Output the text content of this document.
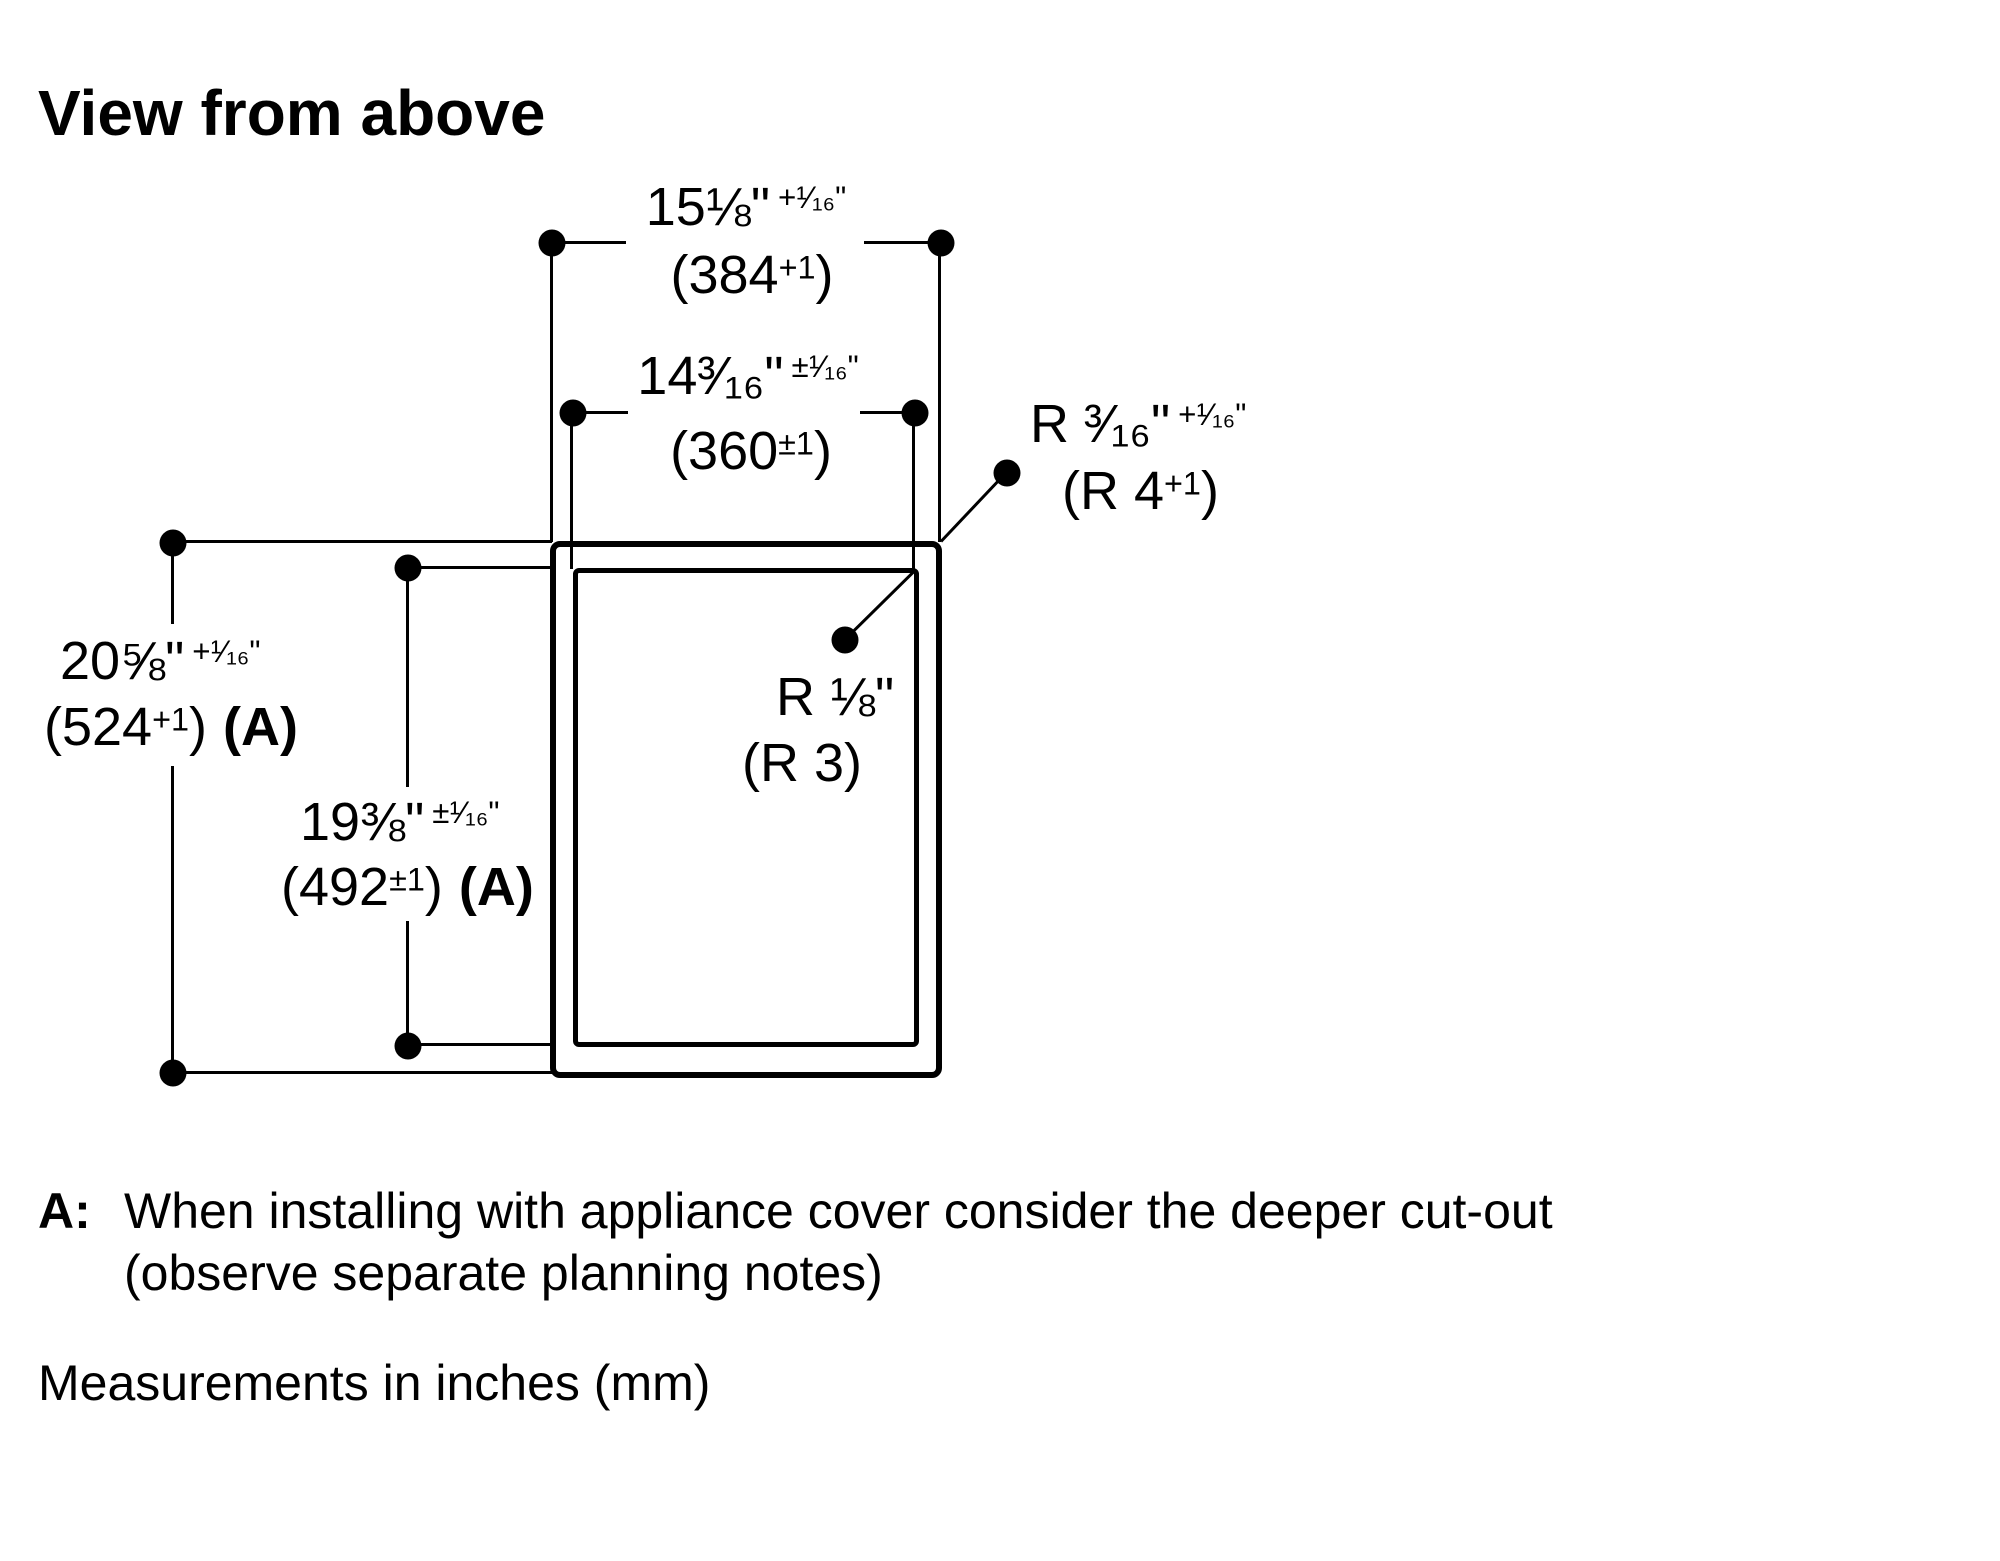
View from above
15⅛" $^{+^1⁄_{16}"}$
$(384^{+1})$
14³⁄₁₆" $^{\pm^1⁄_{16}"}$
$(360^{\pm 1})$
20⅝" $^{+^1⁄_{16}"}$
$(524^{+1})$ (A)
19⅜" $^{\pm^1⁄_{16}"}$
$(492^{\pm 1})$ (A)
R ³⁄₁₆" $^{+^1⁄_{16}"}$
(R $4^{+1}$)
R ⅛"
(R 3)
A: When installing with appliance cover consider the deeper cut-out
(observe separate planning notes)
Measurements in inches (mm)
